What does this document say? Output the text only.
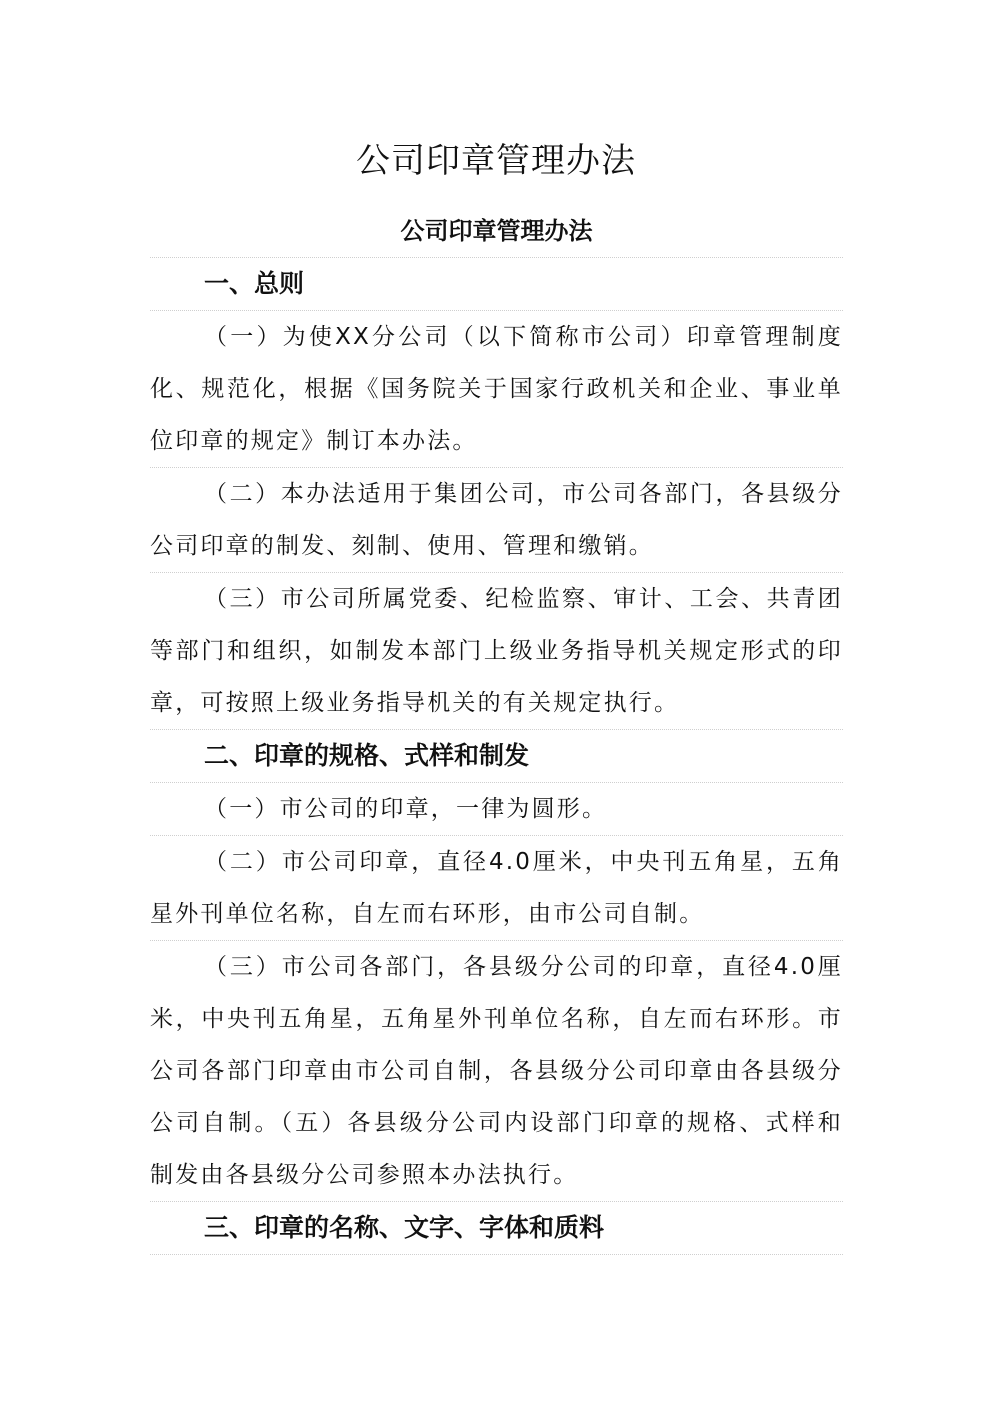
公司印章管理办法
公司印章管理办法
一、总则

（一）为使XX分公司（以下简称市公司）印章管理制度化、规范化，根据《国务院关于国家行政机关和企业、事业单位印章的规定》制订本办法。

（二）本办法适用于集团公司，市公司各部门，各县级分公司印章的制发、刻制、使用、管理和缴销。

（三）市公司所属党委、纪检监察、审计、工会、共青团等部门和组织，如制发本部门上级业务指导机关规定形式的印章，可按照上级业务指导机关的有关规定执行。

二、印章的规格、式样和制发

（一）市公司的印章，一律为圆形。

（二）市公司印章，直径4.0厘米，中央刊五角星，五角星外刊单位名称，自左而右环形，由市公司自制。

（三）市公司各部门，各县级分公司的印章，直径4.0厘米，中央刊五角星，五角星外刊单位名称，自左而右环形。市公司各部门印章由市公司自制，各县级分公司印章由各县级分公司自制。（五）各县级分公司内设部门印章的规格、式样和制发由各县级分公司参照本办法执行。

三、印章的名称、文字、字体和质料
